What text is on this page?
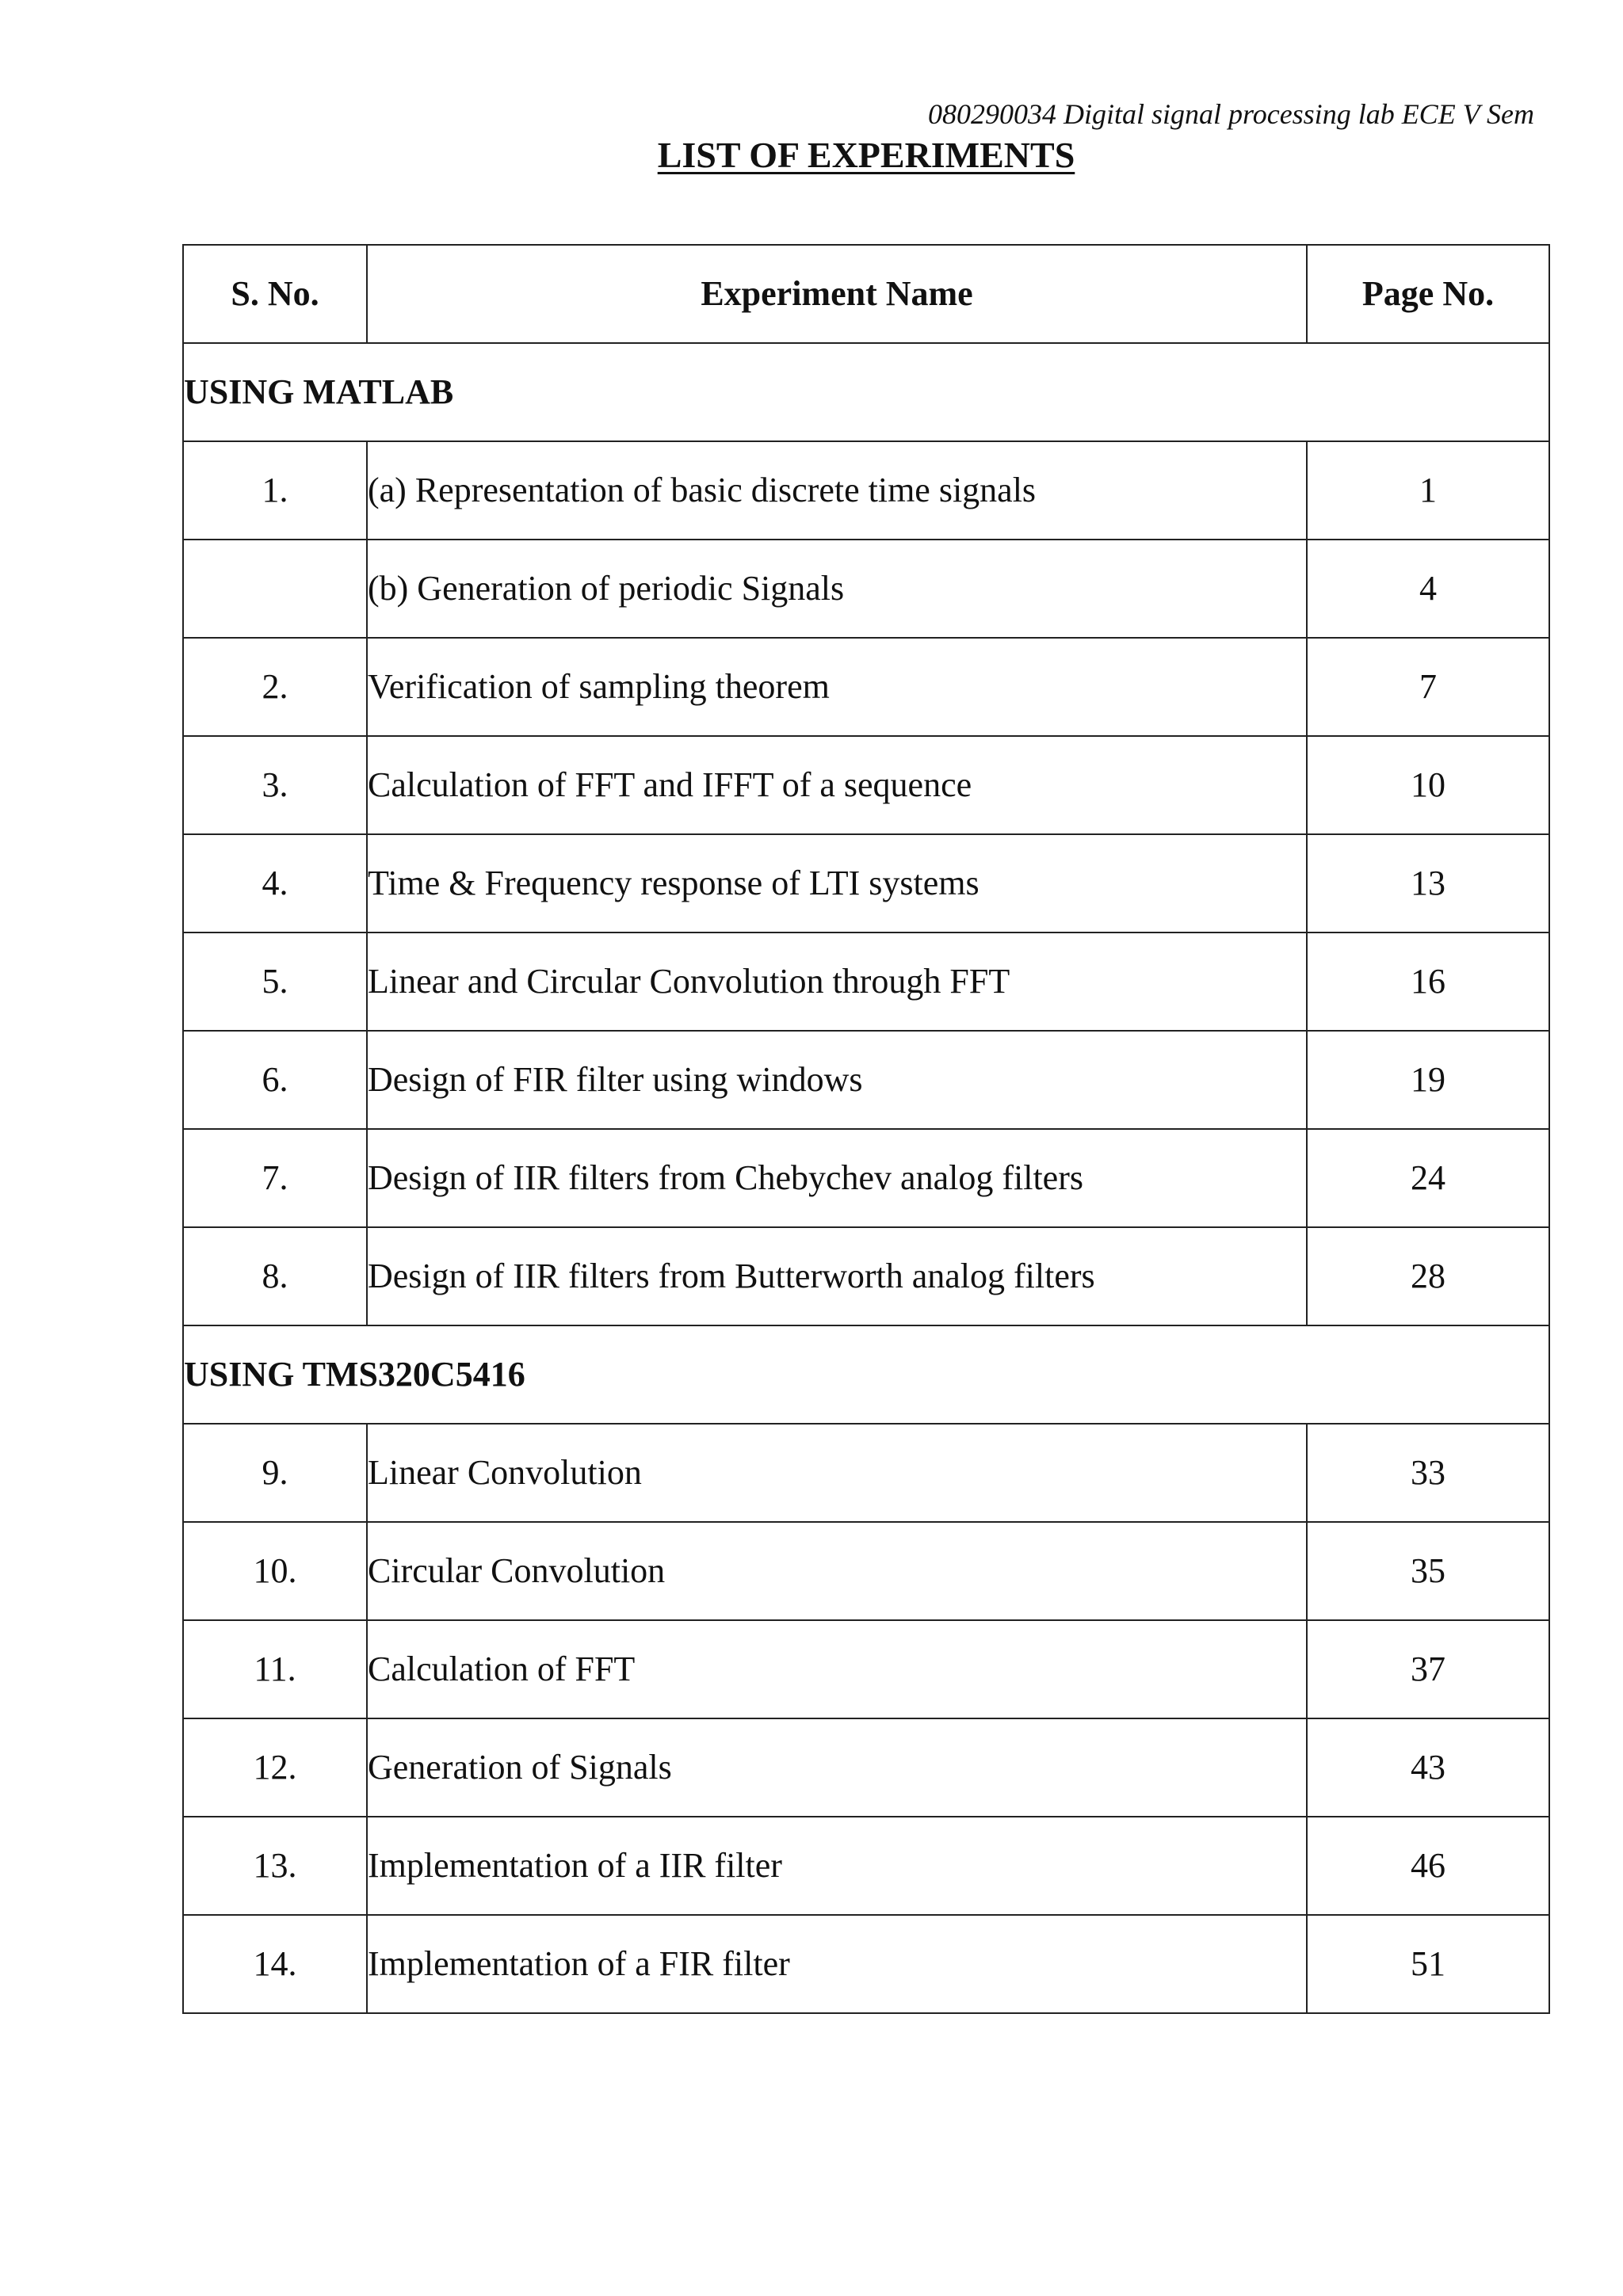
080290034 Digital signal processing lab ECE V Sem
LIST OF EXPERIMENTS
S. No.	Experiment Name	Page No.
USING MATLAB		
1.	(a) Representation of basic discrete time signals	1
	(b) Generation of periodic Signals	4
2.	Verification of sampling theorem	7
3.	Calculation of FFT and IFFT of a sequence	10
4.	Time & Frequency response of LTI systems	13
5.	Linear and Circular Convolution through FFT	16
6.	Design of FIR filter using windows	19
7.	Design of IIR filters from Chebychev analog filters	24
8.	Design of IIR filters from Butterworth analog filters	28
USING TMS320C5416		
9.	Linear Convolution	33
10.	Circular Convolution	35
11.	Calculation of FFT	37
12.	Generation of Signals	43
13.	Implementation of a IIR filter	46
14.	Implementation of a FIR filter	51
